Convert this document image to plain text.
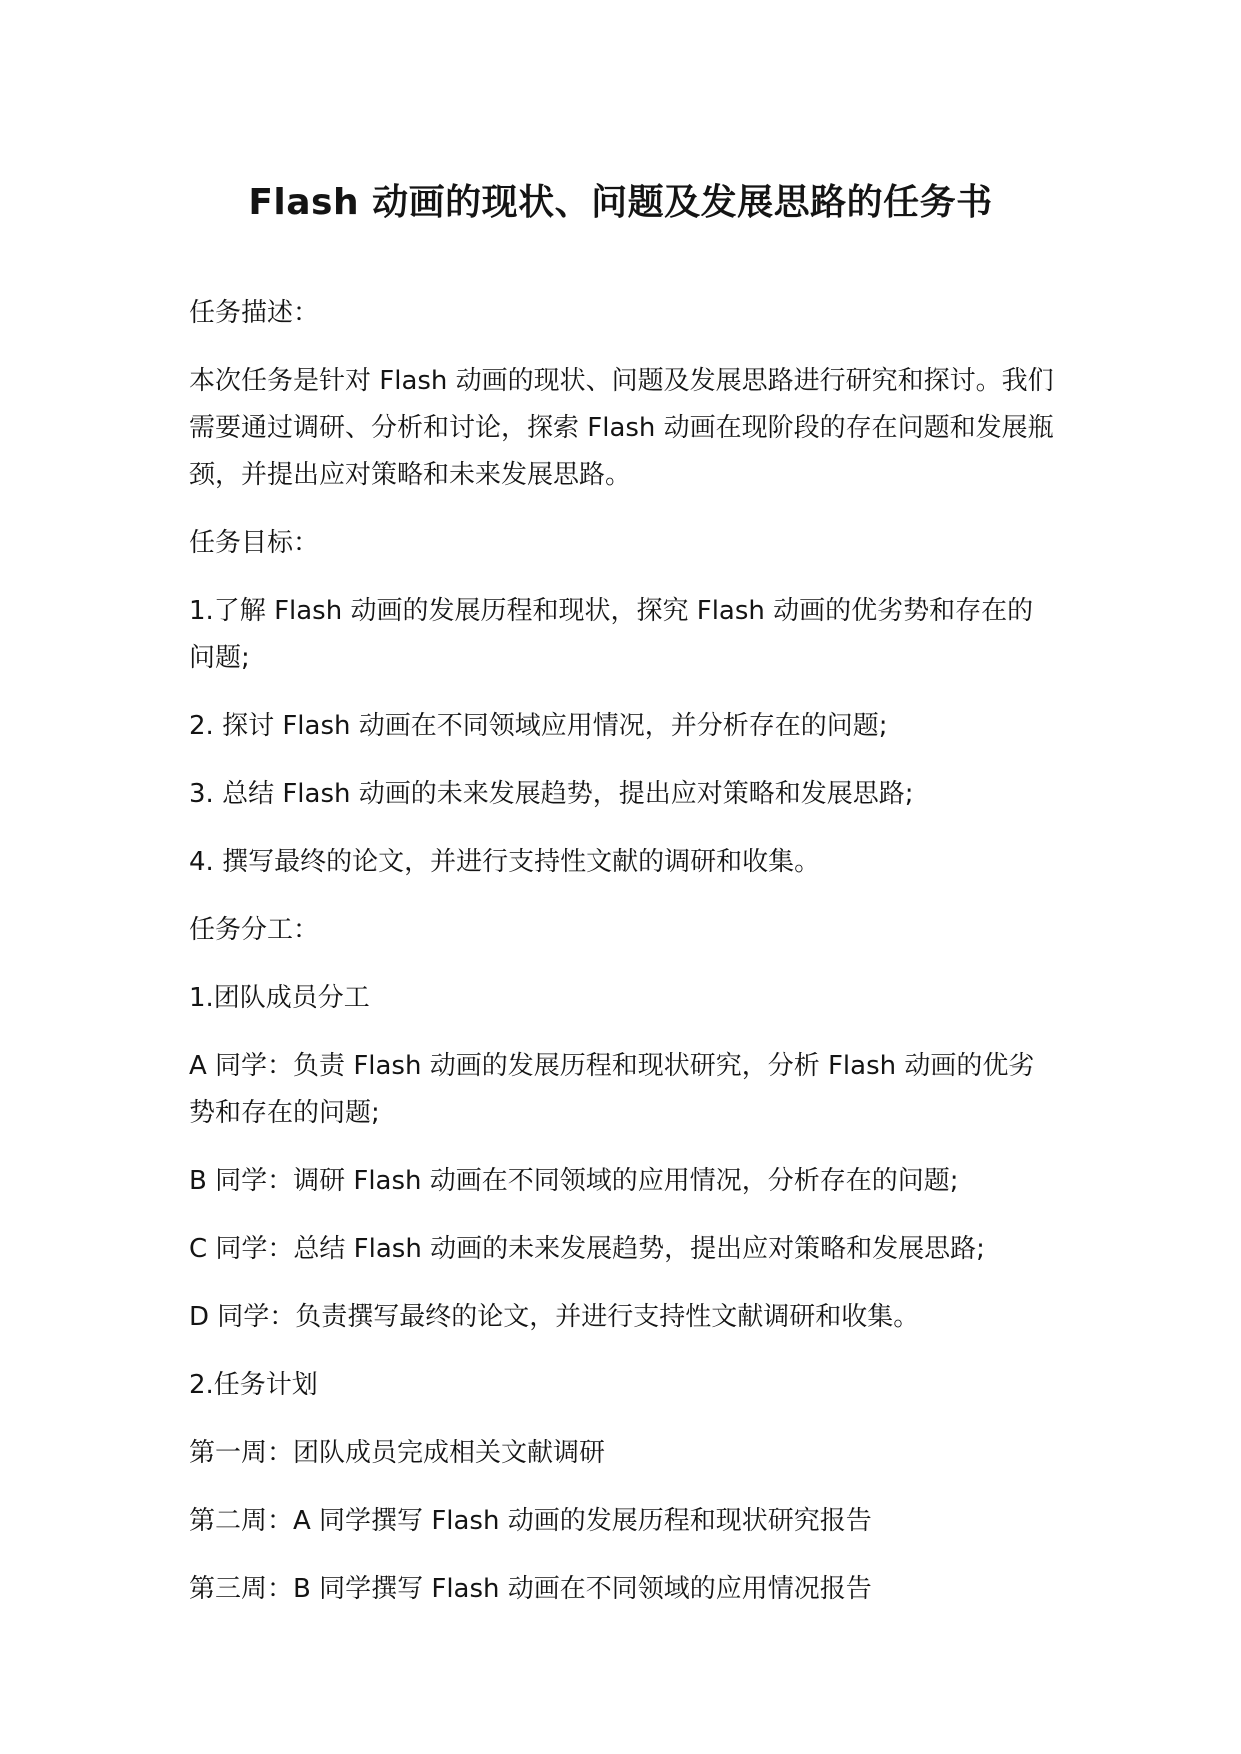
Flash 动画的现状、问题及发展思路的任务书

任务描述：

本次任务是针对 Flash 动画的现状、问题及发展思路进行研究和探讨。我们需要通过调研、分析和讨论，探索 Flash 动画在现阶段的存在问题和发展瓶颈，并提出应对策略和未来发展思路。

任务目标：

1.了解 Flash 动画的发展历程和现状，探究 Flash 动画的优劣势和存在的问题;

2. 探讨 Flash 动画在不同领域应用情况，并分析存在的问题;

3. 总结 Flash 动画的未来发展趋势，提出应对策略和发展思路;

4. 撰写最终的论文，并进行支持性文献的调研和收集。

任务分工：

1.团队成员分工

A 同学：负责 Flash 动画的发展历程和现状研究，分析 Flash 动画的优劣势和存在的问题;

B 同学：调研 Flash 动画在不同领域的应用情况，分析存在的问题;

C 同学：总结 Flash 动画的未来发展趋势，提出应对策略和发展思路;

D 同学：负责撰写最终的论文，并进行支持性文献调研和收集。

2.任务计划

第一周：团队成员完成相关文献调研

第二周：A 同学撰写 Flash 动画的发展历程和现状研究报告

第三周：B 同学撰写 Flash 动画在不同领域的应用情况报告
